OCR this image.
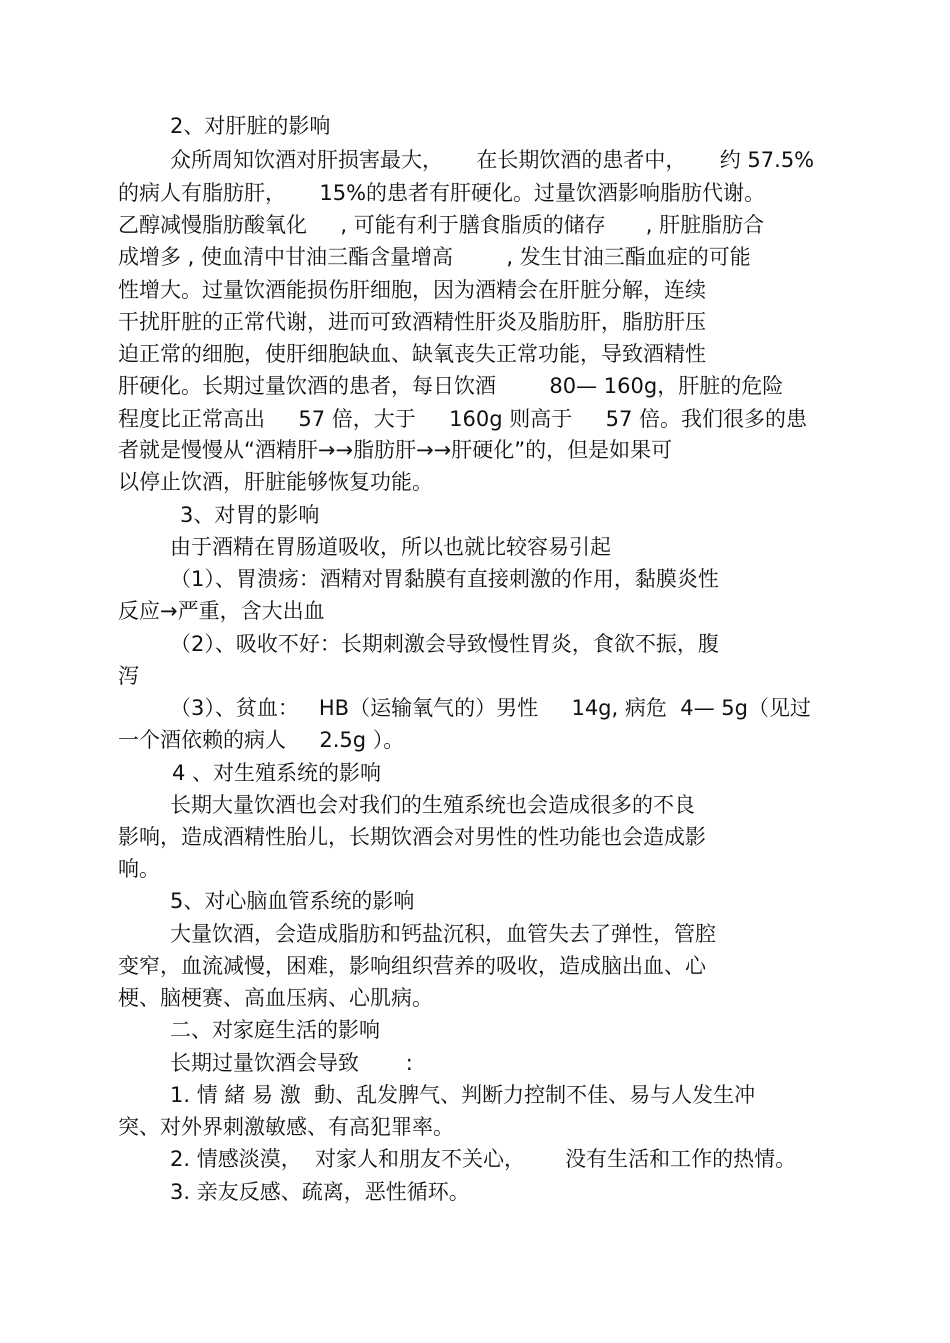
2、对肝脏的影响

众所周知饮酒对肝损害最大，     在长期饮酒的患者中，     约 57.5%

的病人有脂肪肝，     15%的患者有肝硬化。过量饮酒影响脂肪代谢。

乙醇减慢脂肪酸氧化     , 可能有利于膳食脂质的储存      , 肝脏脂肪合

成增多 , 使血清中甘油三酯含量增高        , 发生甘油三酯血症的可能

性增大。过量饮酒能损伤肝细胞，因为酒精会在肝脏分解，连续

干扰肝脏的正常代谢，进而可致酒精性肝炎及脂肪肝，脂肪肝压

迫正常的细胞，使肝细胞缺血、缺氧丧失正常功能，导致酒精性

肝硬化。长期过量饮酒的患者，每日饮酒        80— 160g，肝脏的危险

程度比正常高出     57 倍，大于     160g 则高于     57 倍。我们很多的患

者就是慢慢从“酒精肝→→脂肪肝→→肝硬化”的，但是如果可

以停止饮酒，肝脏能够恢复功能。

3、对胃的影响

由于酒精在胃肠道吸收，所以也就比较容易引起

（1）、胃溃疡：酒精对胃黏膜有直接刺激的作用，黏膜炎性

反应→严重，含大出血

（2）、吸收不好：长期刺激会导致慢性胃炎，食欲不振，腹

泻

（3）、贫血：   HB（运输氧气的）男性     14g, 病危  4— 5g（见过

一个酒依赖的病人     2.5g ）。

4 、对生殖系统的影响

长期大量饮酒也会对我们的生殖系统也会造成很多的不良

影响，造成酒精性胎儿，长期饮酒会对男性的性功能也会造成影

响。

5、对心脑血管系统的影响

大量饮酒，会造成脂肪和钙盐沉积，血管失去了弹性，管腔

变窄，血流减慢，困难，影响组织营养的吸收，造成脑出血、心

梗、脑梗赛、高血压病、心肌病。

二、对家庭生活的影响

长期过量饮酒会导致       :

1. 情 緒 易 激  動、乱发脾气、判断力控制不佳、易与人发生冲

突、对外界刺激敏感、有高犯罪率。

2. 情感淡漠，  对家人和朋友不关心，      没有生活和工作的热情。

3. 亲友反感、疏离，恶性循环。
